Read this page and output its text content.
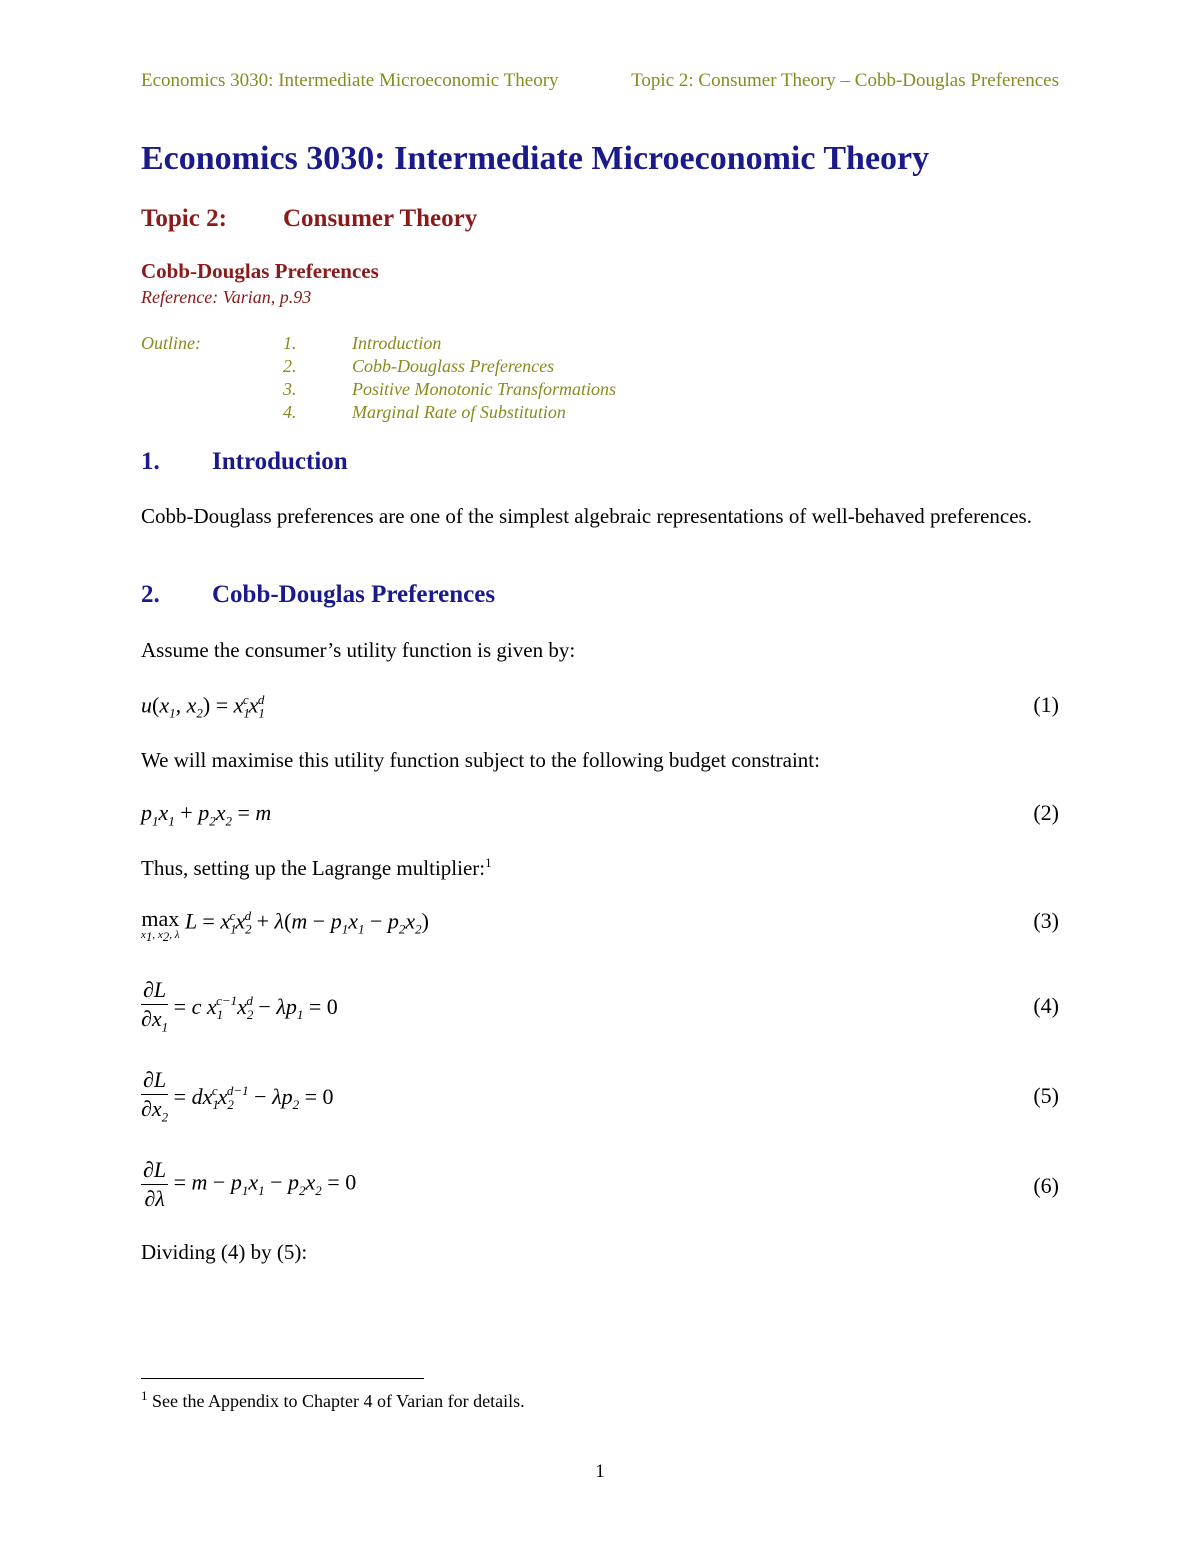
Economics 3030: Intermediate Microeconomic Theory	Topic 2: Consumer Theory – Cobb-Douglas Preferences
Economics 3030: Intermediate Microeconomic Theory
Topic 2: Consumer Theory
Cobb-Douglas Preferences
Reference: Varian, p.93
Outline:	1.	Introduction
2.	Cobb-Douglass Preferences
3.	Positive Monotonic Transformations
4.	Marginal Rate of Substitution
1. Introduction

Cobb-Douglass preferences are one of the simplest algebraic representations of well-behaved preferences.

2. Cobb-Douglas Preferences
Assume the consumer’s utility function is given by:
$u(x_1$, $x_2) = x_1^cx_1^d$	(1)
We will maximise this utility function subject to the following budget constraint:
$p_1x_1 + p_2x_2 = m$	(2)
Thus, setting up the Lagrange multiplier:$^1$
max
$x_1$, $x_2$, λ
$L = x_1^cx_2^d + \lambda(m - p_1x_1 - p_2x_2)$	(3)
$\frac{\partial L}{\partial x_1} = c$ $x_1^{c-1}x_2^d - \lambda p_1 = 0$	(4)
$\frac{\partial L}{\partial x_2} = dx_1^cx_2^{d-1} - \lambda p_2 = 0$	(5)
$\frac{\partial L}{\partial\lambda} = m - p_1x_1 - p_2x_2 = 0$	(6)
Dividing (4) by (5):
$^1$ See the Appendix to Chapter 4 of Varian for details.
1
